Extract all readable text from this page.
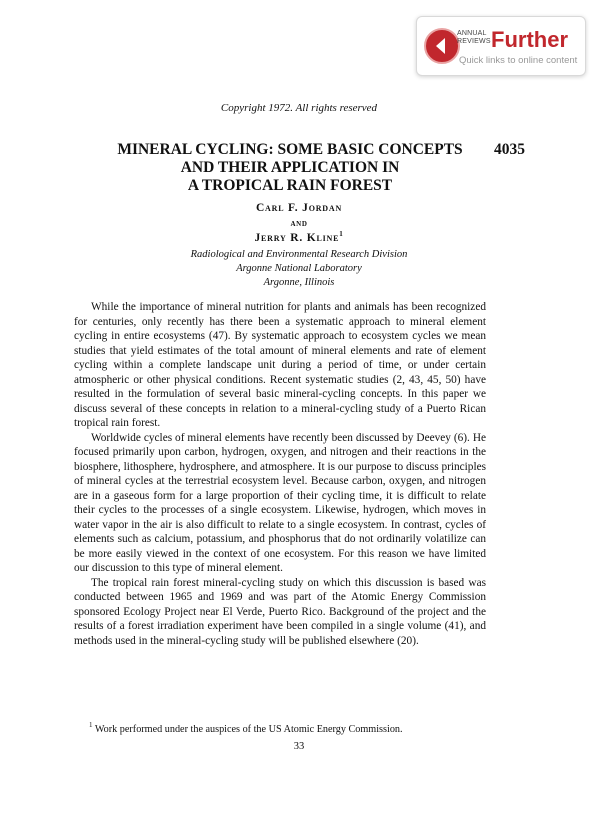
ANNUAL
REVIEWS Further
Quick links to online content
Copyright 1972. All rights reserved
MINERAL CYCLING: SOME BASIC CONCEPTS
AND THEIR APPLICATION IN
A TROPICAL RAIN FOREST
4035
Carl F. Jordan
AND
Jerry R. Kline$^1$
Radiological and Environmental Research Division
Argonne National Laboratory
Argonne, Illinois

While the importance of mineral nutrition for plants and animals has been recognized for centuries, only recently has there been a systematic approach to mineral element cycling in entire ecosystems (47). By systematic approach to ecosystem cycles we mean studies that yield estimates of the total amount of mineral elements and rate of element cycling within a complete landscape unit during a period of time, or under certain atmospheric or other physical conditions. Recent systematic studies (2, 43, 45, 50) have resulted in the formulation of several basic mineral-cycling concepts. In this paper we discuss several of these concepts in relation to a mineral-cycling study of a Puerto Rican tropical rain forest.

Worldwide cycles of mineral elements have recently been discussed by Deevey (6). He focused primarily upon carbon, hydrogen, oxygen, and nitrogen and their reactions in the biosphere, lithosphere, hydrosphere, and atmosphere. It is our purpose to discuss principles of mineral cycles at the terrestrial ecosystem level. Because carbon, oxygen, and nitrogen are in a gaseous form for a large proportion of their cycling time, it is difficult to relate their cycles to the processes of a single ecosystem. Likewise, hydrogen, which moves in water vapor in the air is also difficult to relate to a single ecosystem. In contrast, cycles of elements such as calcium, potassium, and phosphorus that do not ordinarily volatilize can be more easily viewed in the context of one ecosystem. For this reason we have limited our discussion to this type of mineral element.

The tropical rain forest mineral-cycling study on which this discussion is based was conducted between 1965 and 1969 and was part of the Atomic Energy Commission sponsored Ecology Project near El Verde, Puerto Rico. Background of the project and the results of a forest irradiation experiment have been compiled in a single volume (41), and methods used in the mineral-cycling study will be published elsewhere (20).

$^1$ Work performed under the auspices of the US Atomic Energy Commission.
33
